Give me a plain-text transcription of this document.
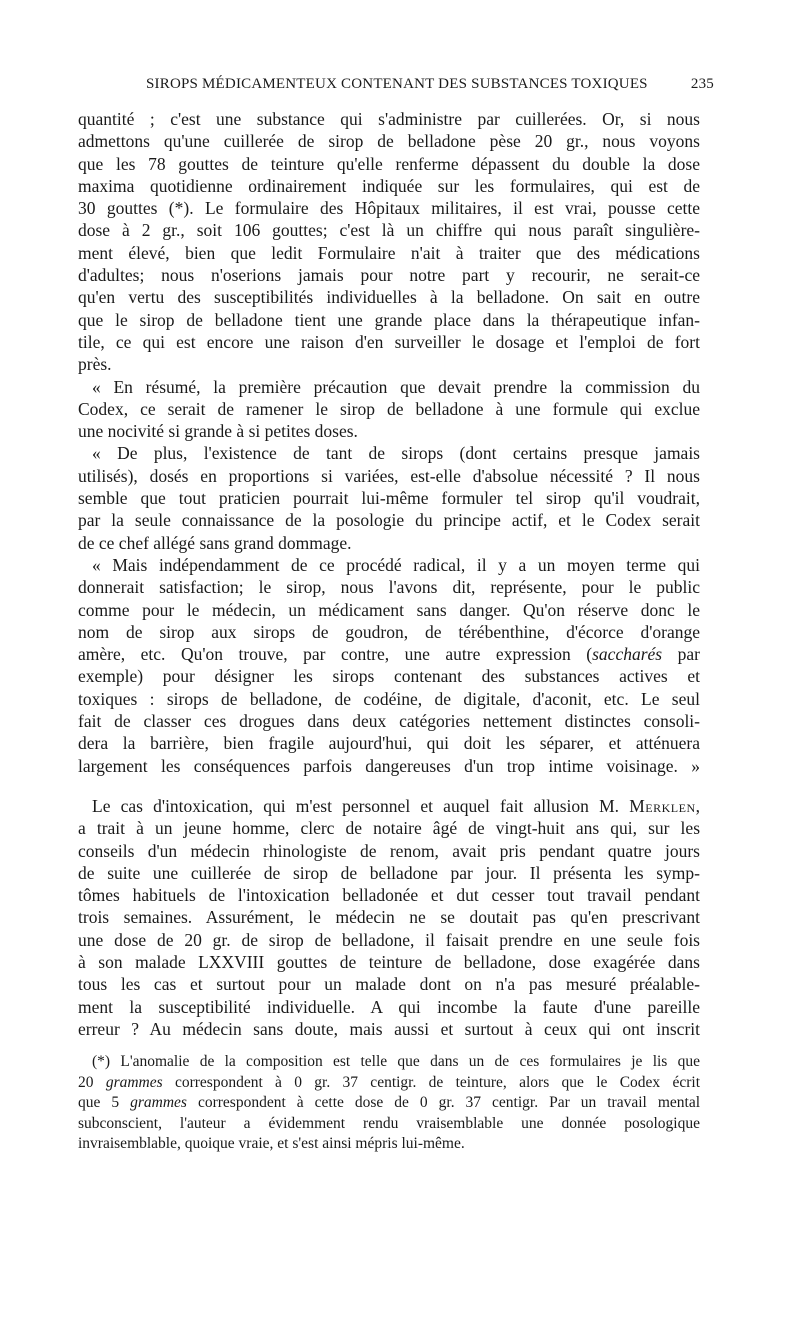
SIROPS MÉDICAMENTEUX CONTENANT DES SUBSTANCES TOXIQUES	235
quantité ; c'est une substance qui s'administre par cuillerées. Or, si nous
admettons qu'une cuillerée de sirop de belladone pèse 20 gr., nous voyons
que les 78 gouttes de teinture qu'elle renferme dépassent du double la dose
maxima quotidienne ordinairement indiquée sur les formulaires, qui est de
30 gouttes (*). Le formulaire des Hôpitaux militaires, il est vrai, pousse cette
dose à 2 gr., soit 106 gouttes; c'est là un chiffre qui nous paraît singulière-
ment élevé, bien que ledit Formulaire n'ait à traiter que des médications
d'adultes; nous n'oserions jamais pour notre part y recourir, ne serait-ce
qu'en vertu des susceptibilités individuelles à la belladone. On sait en outre
que le sirop de belladone tient une grande place dans la thérapeutique infan-
tile, ce qui est encore une raison d'en surveiller le dosage et l'emploi de fort
près.
« En résumé, la première précaution que devait prendre la commission du
Codex, ce serait de ramener le sirop de belladone à une formule qui exclue
une nocivité si grande à si petites doses.
« De plus, l'existence de tant de sirops (dont certains presque jamais
utilisés), dosés en proportions si variées, est-elle d'absolue nécessité ? Il nous
semble que tout praticien pourrait lui-même formuler tel sirop qu'il voudrait,
par la seule connaissance de la posologie du principe actif, et le Codex serait
de ce chef allégé sans grand dommage.
« Mais indépendamment de ce procédé radical, il y a un moyen terme qui
donnerait satisfaction; le sirop, nous l'avons dit, représente, pour le public
comme pour le médecin, un médicament sans danger. Qu'on réserve donc le
nom de sirop aux sirops de goudron, de térébenthine, d'écorce d'orange
amère, etc. Qu'on trouve, par contre, une autre expression (saccharés par
exemple) pour désigner les sirops contenant des substances actives et
toxiques : sirops de belladone, de codéine, de digitale, d'aconit, etc. Le seul
fait de classer ces drogues dans deux catégories nettement distinctes consoli-
dera la barrière, bien fragile aujourd'hui, qui doit les séparer, et atténuera
largement les conséquences parfois dangereuses d'un trop intime voisinage. »
Le cas d'intoxication, qui m'est personnel et auquel fait allusion M. Merklen,
a trait à un jeune homme, clerc de notaire âgé de vingt-huit ans qui, sur les
conseils d'un médecin rhinologiste de renom, avait pris pendant quatre jours
de suite une cuillerée de sirop de belladone par jour. Il présenta les symp-
tômes habituels de l'intoxication belladonée et dut cesser tout travail pendant
trois semaines. Assurément, le médecin ne se doutait pas qu'en prescrivant
une dose de 20 gr. de sirop de belladone, il faisait prendre en une seule fois
à son malade LXXVIII gouttes de teinture de belladone, dose exagérée dans
tous les cas et surtout pour un malade dont on n'a pas mesuré préalable-
ment la susceptibilité individuelle. A qui incombe la faute d'une pareille
erreur ? Au médecin sans doute, mais aussi et surtout à ceux qui ont inscrit
(*) L'anomalie de la composition est telle que dans un de ces formulaires je lis que
20 grammes correspondent à 0 gr. 37 centigr. de teinture, alors que le Codex écrit
que 5 grammes correspondent à cette dose de 0 gr. 37 centigr. Par un travail mental
subconscient, l'auteur a évidemment rendu vraisemblable une donnée posologique
invraisemblable, quoique vraie, et s'est ainsi mépris lui-même.
